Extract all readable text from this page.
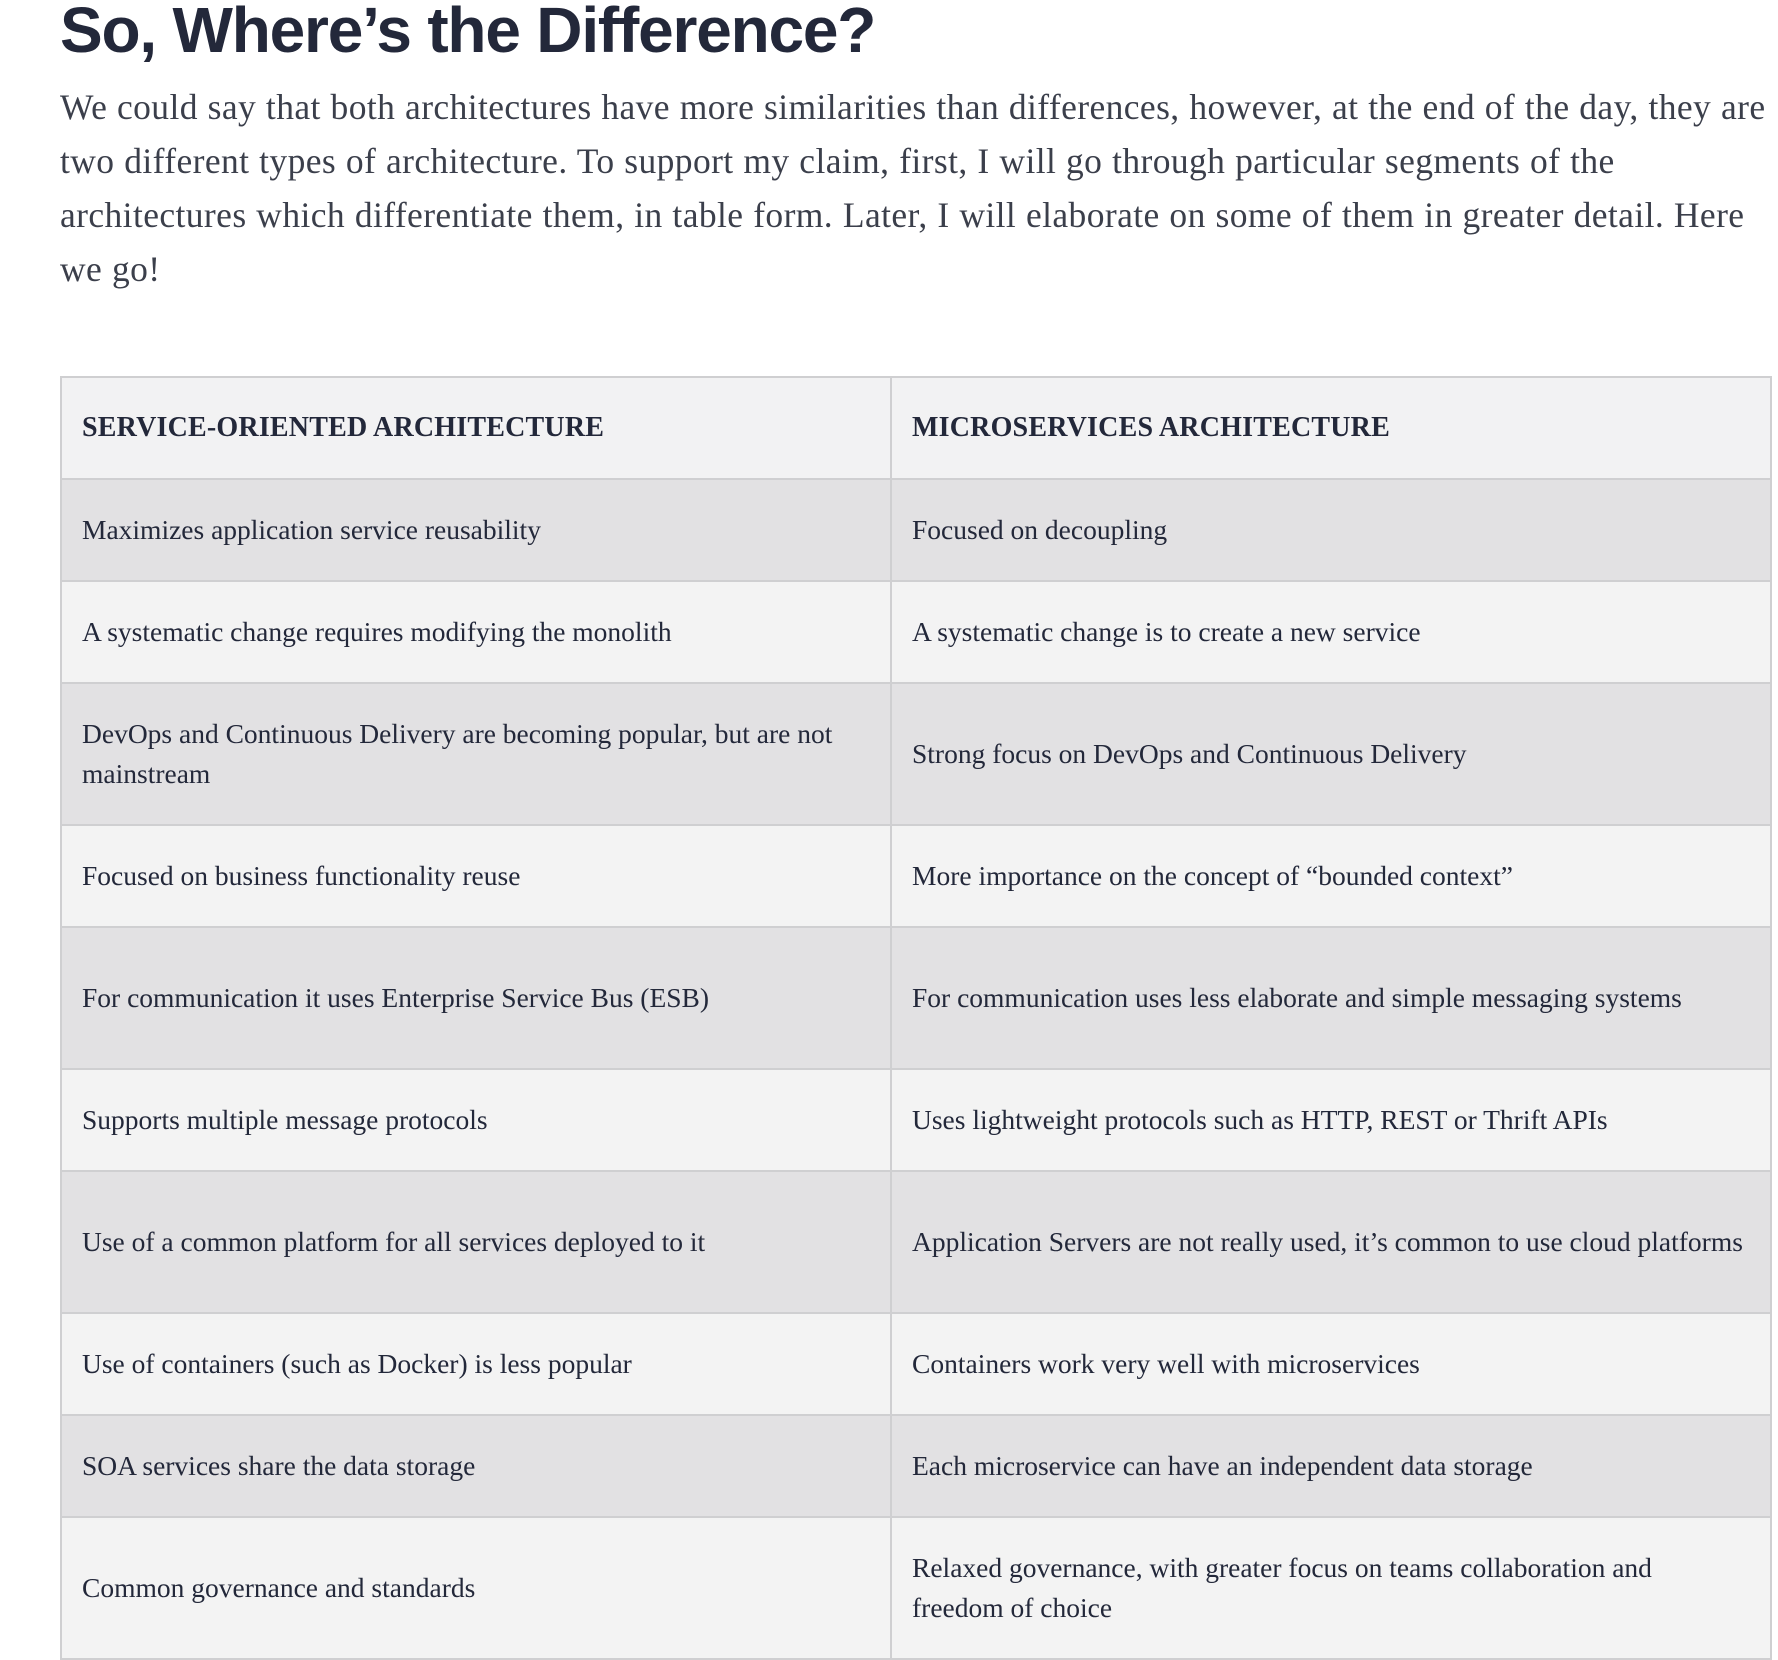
So, Where’s the Difference?

We could say that both architectures have more similarities than differences, however, at the end of the day, they are two different types of architecture. To support my claim, first, I will go through particular segments of the architectures which differentiate them, in table form. Later, I will elaborate on some of them in greater detail. Here we go!

SERVICE-ORIENTED ARCHITECTURE	MICROSERVICES ARCHITECTURE
Maximizes application service reusability	Focused on decoupling
A systematic change requires modifying the monolith	A systematic change is to create a new service
DevOps and Continuous Delivery are becoming popular, but are not mainstream	Strong focus on DevOps and Continuous Delivery
Focused on business functionality reuse	More importance on the concept of “bounded context”
For communication it uses Enterprise Service Bus (ESB)	For communication uses less elaborate and simple messaging systems
Supports multiple message protocols	Uses lightweight protocols such as HTTP, REST or Thrift APIs
Use of a common platform for all services deployed to it	Application Servers are not really used, it’s common to use cloud platforms
Use of containers (such as Docker) is less popular	Containers work very well with microservices
SOA services share the data storage	Each microservice can have an independent data storage
Common governance and standards	Relaxed governance, with greater focus on teams collaboration and freedom of choice
